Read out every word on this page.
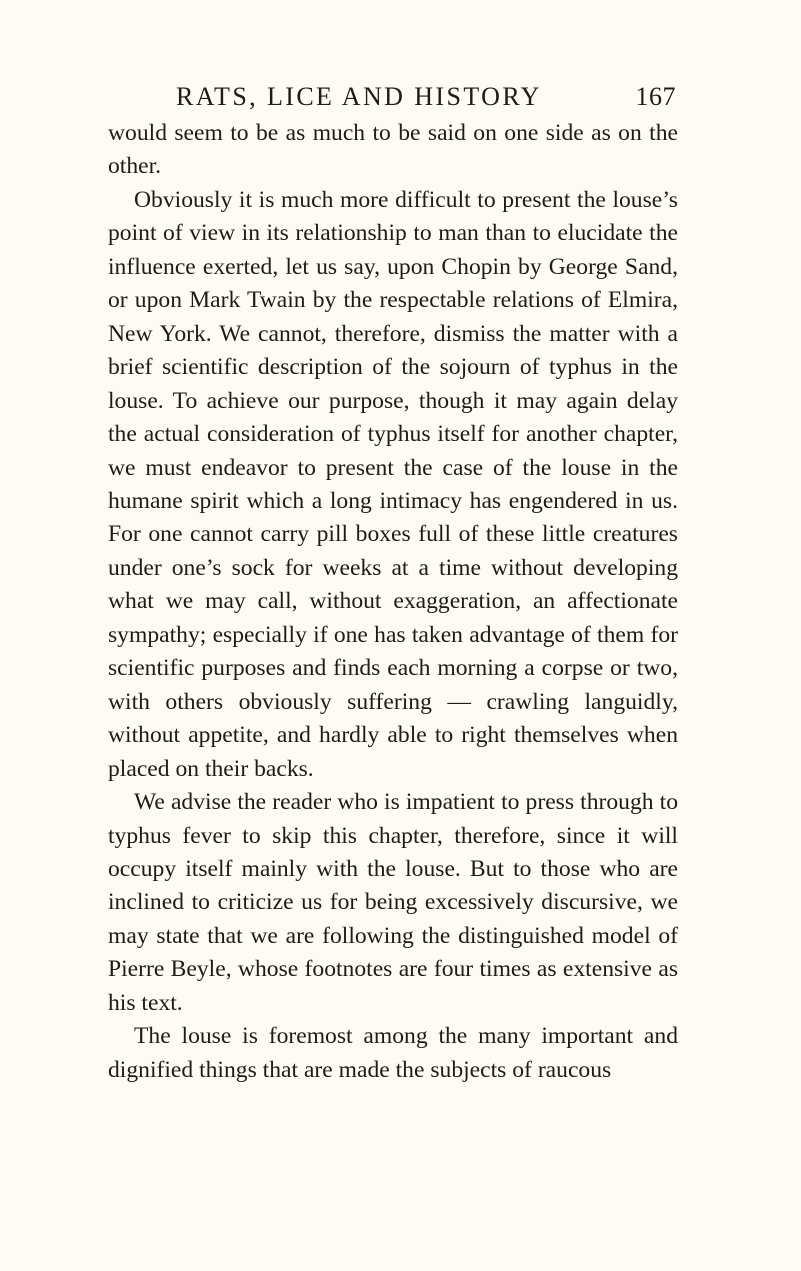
RATS, LICE AND HISTORY	167

would seem to be as much to be said on one side as on the other.

Obviously it is much more difficult to present the louse’s point of view in its relationship to man than to elucidate the influence exerted, let us say, upon Chopin by George Sand, or upon Mark Twain by the respectable relations of Elmira, New York. We cannot, therefore, dismiss the matter with a brief scientific description of the sojourn of typhus in the louse. To achieve our purpose, though it may again delay the actual consideration of typhus itself for another chapter, we must endeavor to present the case of the louse in the humane spirit which a long intimacy has engendered in us. For one cannot carry pill boxes full of these little creatures under one’s sock for weeks at a time without developing what we may call, without exaggeration, an affectionate sympathy; especially if one has taken advantage of them for scientific purposes and finds each morning a corpse or two, with others obviously suffering — crawling languidly, without appetite, and hardly able to right themselves when placed on their backs.

We advise the reader who is impatient to press through to typhus fever to skip this chapter, therefore, since it will occupy itself mainly with the louse. But to those who are inclined to criticize us for being excessively discursive, we may state that we are following the distinguished model of Pierre Beyle, whose footnotes are four times as extensive as his text.

The louse is foremost among the many important and dignified things that are made the subjects of raucous
